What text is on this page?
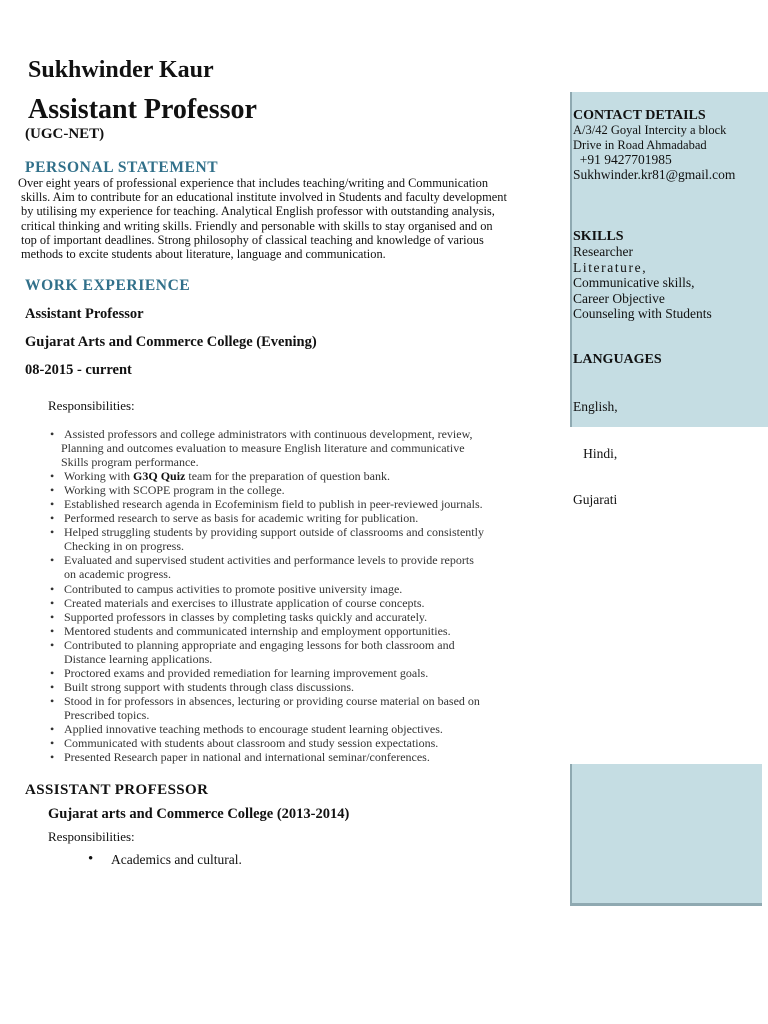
Sukhwinder Kaur
Assistant Professor
(UGC-NET)
PERSONAL STATEMENT
Over eight years of professional experience that includes teaching/writing and Communication
skills. Aim to contribute for an educational institute involved in Students and faculty development
by utilising my experience for teaching. Analytical English professor with outstanding analysis,
critical thinking and writing skills. Friendly and personable with skills to stay organised and on
top of important deadlines. Strong philosophy of classical teaching and knowledge of various
methods to excite students about literature, language and communication.
WORK EXPERIENCE
Assistant Professor
Gujarat Arts and Commerce College (Evening)
08-2015 - current
Responsibilities:
• Assisted professors and college administrators with continuous development, review,
Planning and outcomes evaluation to measure English literature and communicative
Skills program performance.
• Working with G3Q Quiz team for the preparation of question bank.
• Working with SCOPE program in the college.
• Established research agenda in Ecofeminism field to publish in peer-reviewed journals.
• Performed research to serve as basis for academic writing for publication.
• Helped struggling students by providing support outside of classrooms and consistently
Checking in on progress.
• Evaluated and supervised student activities and performance levels to provide reports
on academic progress.
• Contributed to campus activities to promote positive university image.
• Created materials and exercises to illustrate application of course concepts.
• Supported professors in classes by completing tasks quickly and accurately.
• Mentored students and communicated internship and employment opportunities.
• Contributed to planning appropriate and engaging lessons for both classroom and
Distance learning applications.
• Proctored exams and provided remediation for learning improvement goals.
• Built strong support with students through class discussions.
• Stood in for professors in absences, lecturing or providing course material on based on
Prescribed topics.
• Applied innovative teaching methods to encourage student learning objectives.
• Communicated with students about classroom and study session expectations.
• Presented Research paper in national and international seminar/conferences.
ASSISTANT PROFESSOR
Gujarat arts and Commerce College (2013-2014)
Responsibilities:
• Academics and cultural.
CONTACT DETAILS
A/3/42 Goyal Intercity a block
Drive in Road Ahmadabad
+91 9427701985
Sukhwinder.kr81@gmail.com
SKILLS
Researcher
Literature,
Communicative skills,
Career Objective
Counseling with Students
LANGUAGES

English,

Hindi,

Gujarati
